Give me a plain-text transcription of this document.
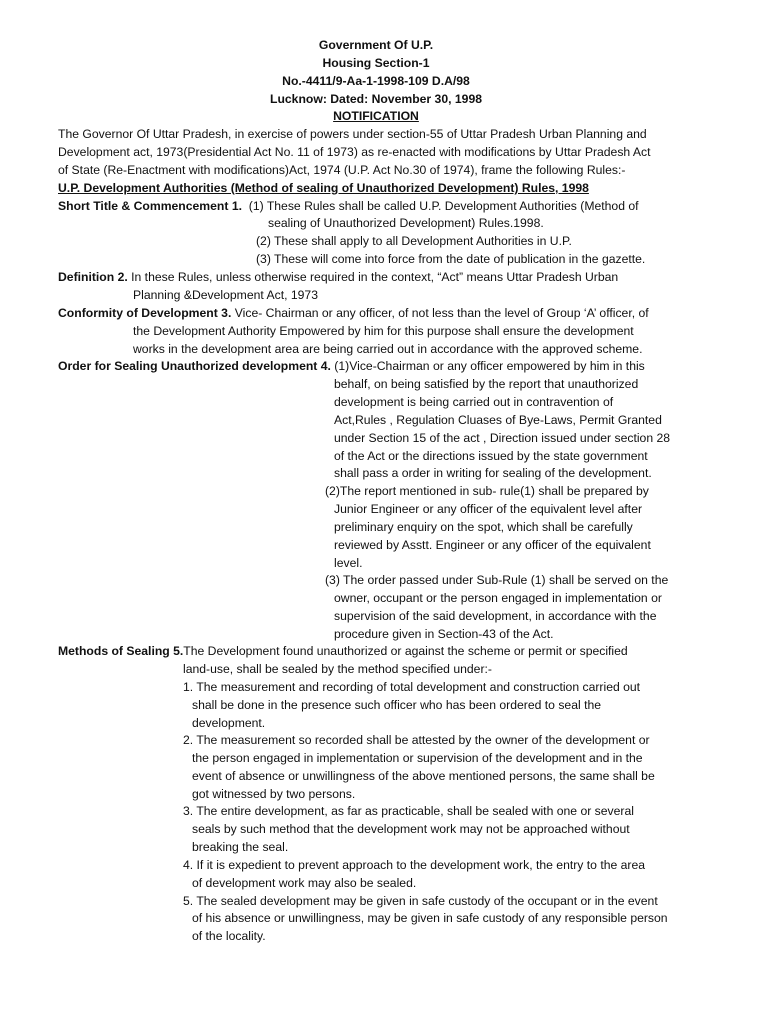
Government Of U.P.
Housing Section-1
No.-4411/9-Aa-1-1998-109 D.A/98
Lucknow: Dated: November 30, 1998
NOTIFICATION
The Governor Of Uttar Pradesh, in exercise of powers under section-55 of Uttar Pradesh Urban Planning and
Development act, 1973(Presidential Act No. 11 of 1973) as re-enacted with modifications by Uttar Pradesh Act
of State (Re-Enactment with modifications)Act, 1974 (U.P. Act No.30 of 1974), frame the following Rules:-
U.P. Development Authorities (Method of sealing of Unauthorized Development) Rules, 1998
Short Title & Commencement 1. (1) These Rules shall be called U.P. Development Authorities (Method of
sealing of Unauthorized Development) Rules.1998.
(2) These shall apply to all Development Authorities in U.P.
(3) These will come into force from the date of publication in the gazette.
Definition 2. In these Rules, unless otherwise required in the context, “Act” means Uttar Pradesh Urban
Planning &Development Act, 1973
Conformity of Development 3. Vice- Chairman or any officer, of not less than the level of Group ‘A’ officer, of
the Development Authority Empowered by him for this purpose shall ensure the development
works in the development area are being carried out in accordance with the approved scheme.
Order for Sealing Unauthorized development 4. (1)Vice-Chairman or any officer empowered by him in this
behalf, on being satisfied by the report that unauthorized
development is being carried out in contravention of
Act,Rules , Regulation Cluases of Bye-Laws, Permit Granted
under Section 15 of the act , Direction issued under section 28
of the Act or the directions issued by the state government
shall pass a order in writing for sealing of the development.
(2)The report mentioned in sub- rule(1) shall be prepared by
Junior Engineer or any officer of the equivalent level after
preliminary enquiry on the spot, which shall be carefully
reviewed by Asstt. Engineer or any officer of the equivalent
level.
(3) The order passed under Sub-Rule (1) shall be served on the
owner, occupant or the person engaged in implementation or
supervision of the said development, in accordance with the
procedure given in Section-43 of the Act.
Methods of Sealing 5.The Development found unauthorized or against the scheme or permit or specified
land-use, shall be sealed by the method specified under:-
1. The measurement and recording of total development and construction carried out
shall be done in the presence such officer who has been ordered to seal the
development.
2. The measurement so recorded shall be attested by the owner of the development or
the person engaged in implementation or supervision of the development and in the
event of absence or unwillingness of the above mentioned persons, the same shall be
got witnessed by two persons.
3. The entire development, as far as practicable, shall be sealed with one or several
seals by such method that the development work may not be approached without
breaking the seal.
4. If it is expedient to prevent approach to the development work, the entry to the area
of development work may also be sealed.
5. The sealed development may be given in safe custody of the occupant or in the event
of his absence or unwillingness, may be given in safe custody of any responsible person
of the locality.
